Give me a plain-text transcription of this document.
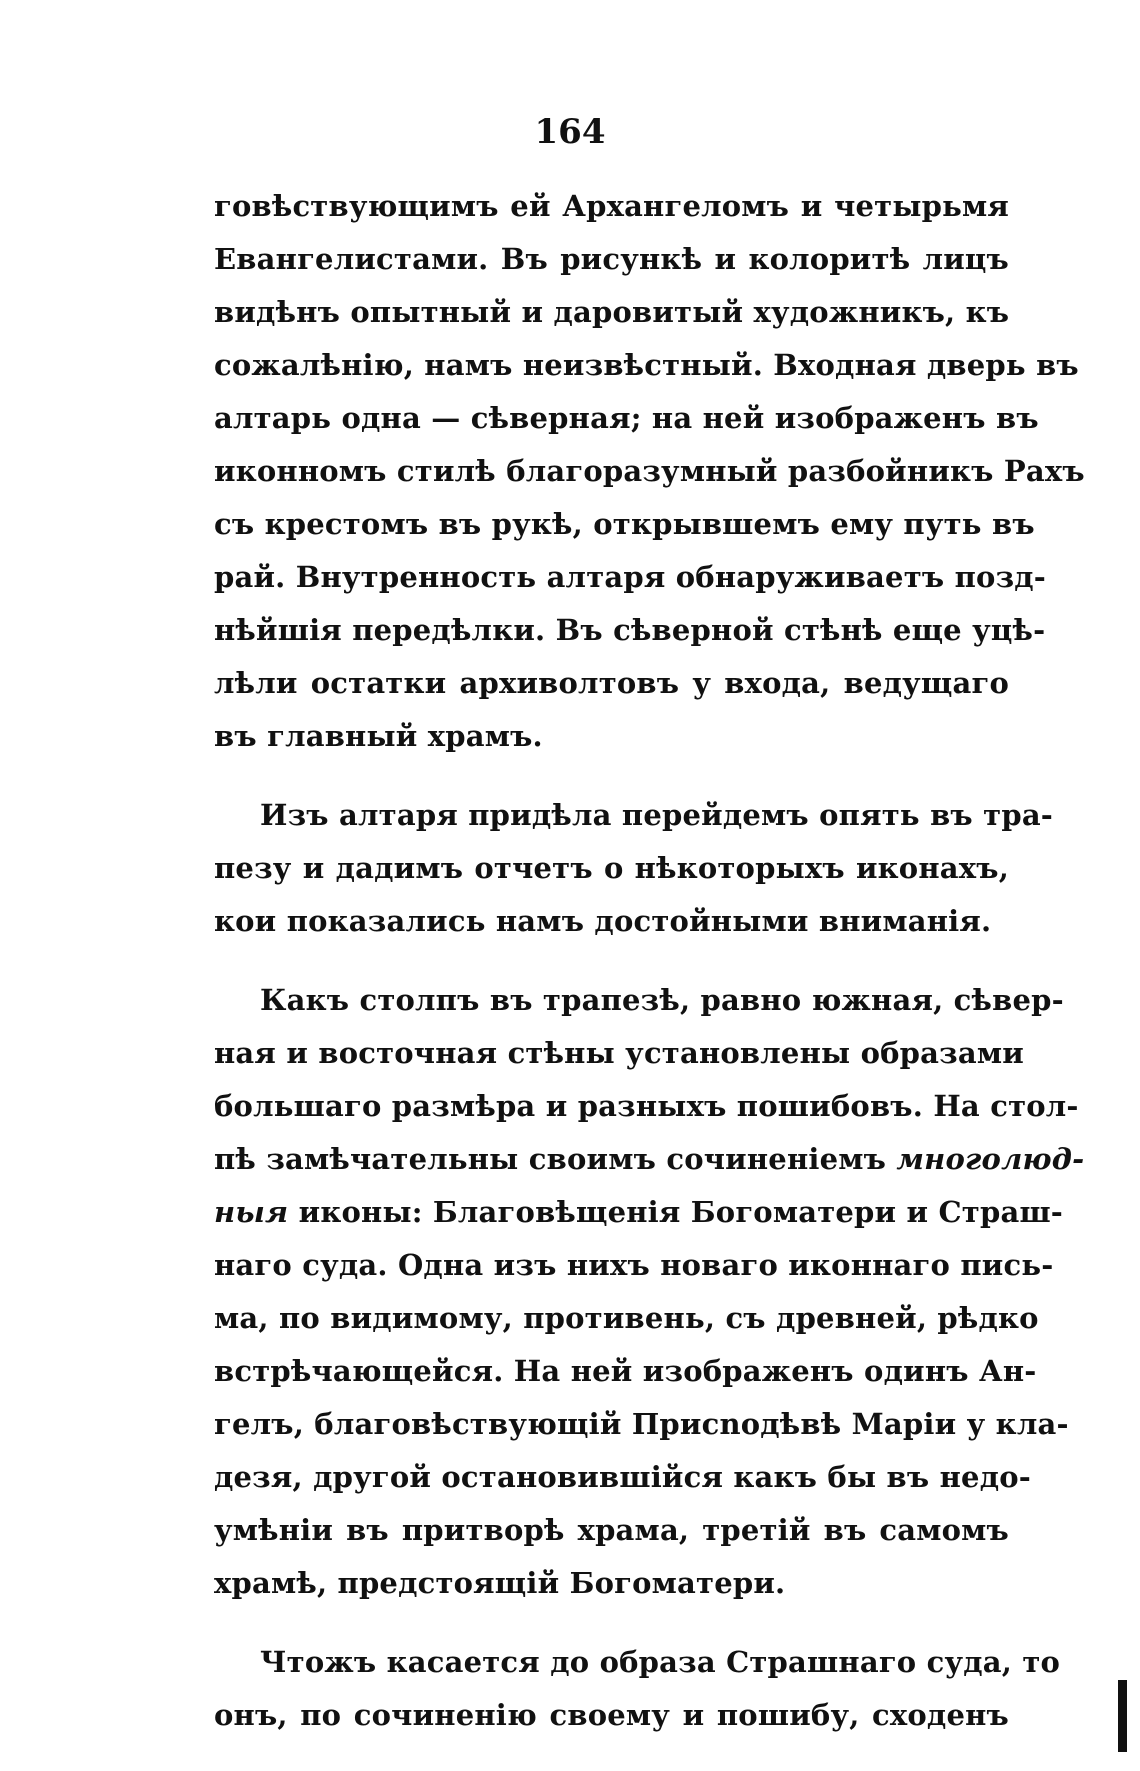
164
говѣствующимъ ей Архангеломъ и четырьмя
Евангелистами. Въ рисункѣ и колоритѣ лицъ
видѣнъ опытный и даровитый художникъ, къ
сожалѣнію, намъ неизвѣстный. Входная дверь въ
алтарь одна — сѣверная; на ней изображенъ въ
иконномъ стилѣ благоразумный разбойникъ Рахъ
съ крестомъ въ рукѣ, открывшемъ ему путь въ
рай. Внутренность алтаря обнаруживаетъ позд-
нѣйшія передѣлки. Въ сѣверной стѣнѣ еще уцѣ-
лѣли остатки архиволтовъ у входа, ведущаго
въ главный храмъ.
Изъ алтаря придѣла перейдемъ опять въ тра-
пезу и дадимъ отчетъ о нѣкоторыхъ иконахъ,
кои показались намъ достойными вниманія.
Какъ столпъ въ трапезѣ, равно южная, сѣвер-
ная и восточная стѣны установлены образами
большаго размѣра и разныхъ пошибовъ. На стол-
пѣ замѣчательны своимъ сочиненіемъ многолюд-
ныя иконы: Благовѣщенія Богоматери и Страш-
наго суда. Одна изъ нихъ новаго иконнаго пись-
ма, по видимому, противень, съ древней, рѣдко
встрѣчающейся. На ней изображенъ одинъ Ан-
гелъ, благовѣствующій Присnодѣвѣ Маріи у кла-
дезя, другой остановившійся какъ бы въ недо-
умѣніи въ притворѣ храма, третій въ самомъ
храмѣ, предстоящій Богоматери.
Чтожъ касается до образа Страшнаго суда, то
онъ, по сочиненію своему и пошибу, сходенъ
